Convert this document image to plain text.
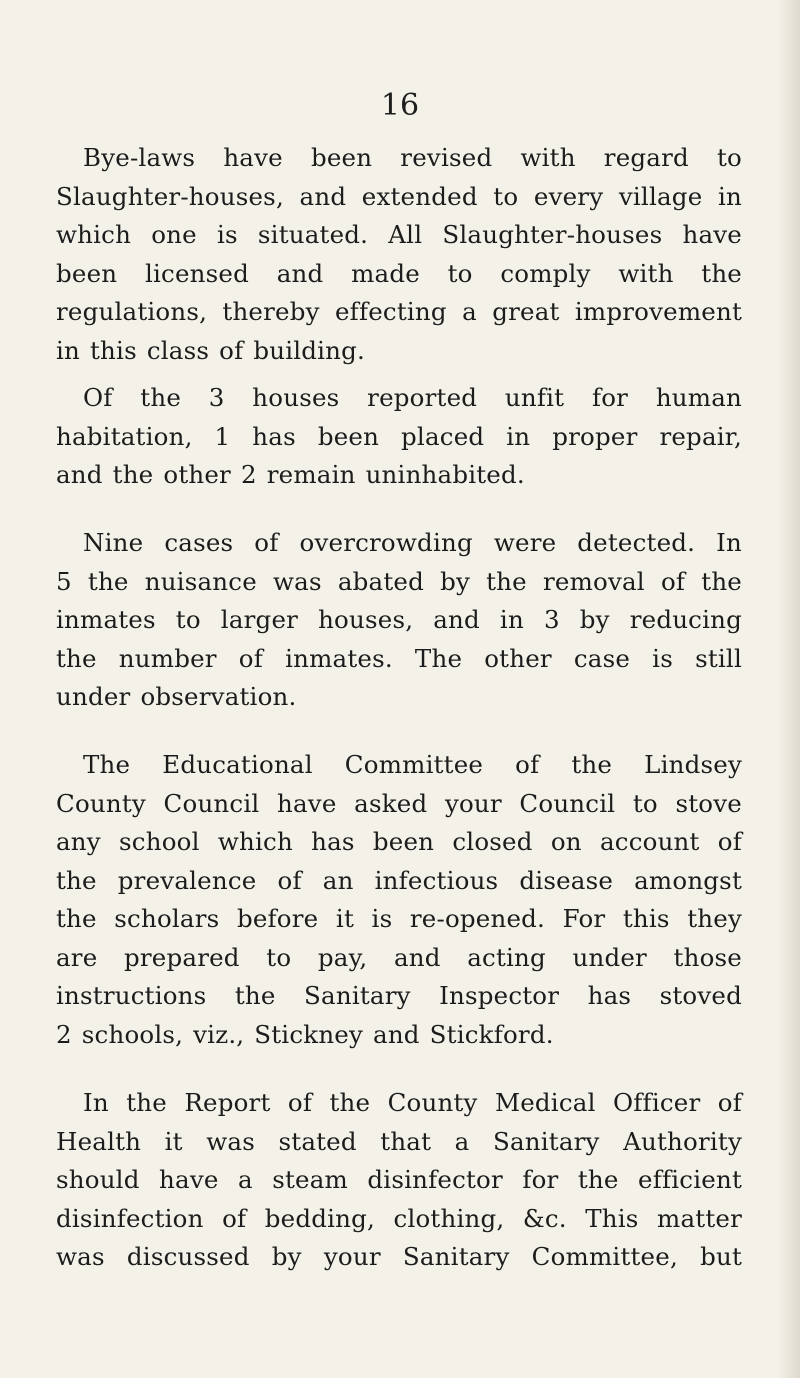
16

Bye-laws have been revised with regard to
Slaughter-houses, and extended to every village in
which one is situated. All Slaughter-houses have
been licensed and made to comply with the
regulations, thereby effecting a great improvement
in this class of building.

Of the 3 houses reported unfit for human
habitation, 1 has been placed in proper repair,
and the other 2 remain uninhabited.

Nine cases of overcrowding were detected. In
5 the nuisance was abated by the removal of the
inmates to larger houses, and in 3 by reducing
the number of inmates. The other case is still
under observation.

The Educational Committee of the Lindsey
County Council have asked your Council to stove
any school which has been closed on account of
the prevalence of an infectious disease amongst
the scholars before it is re-opened. For this they
are prepared to pay, and acting under those
instructions the Sanitary Inspector has stoved
2 schools, viz., Stickney and Stickford.

In the Report of the County Medical Officer of
Health it was stated that a Sanitary Authority
should have a steam disinfector for the efficient
disinfection of bedding, clothing, &c. This matter
was discussed by your Sanitary Committee, but
